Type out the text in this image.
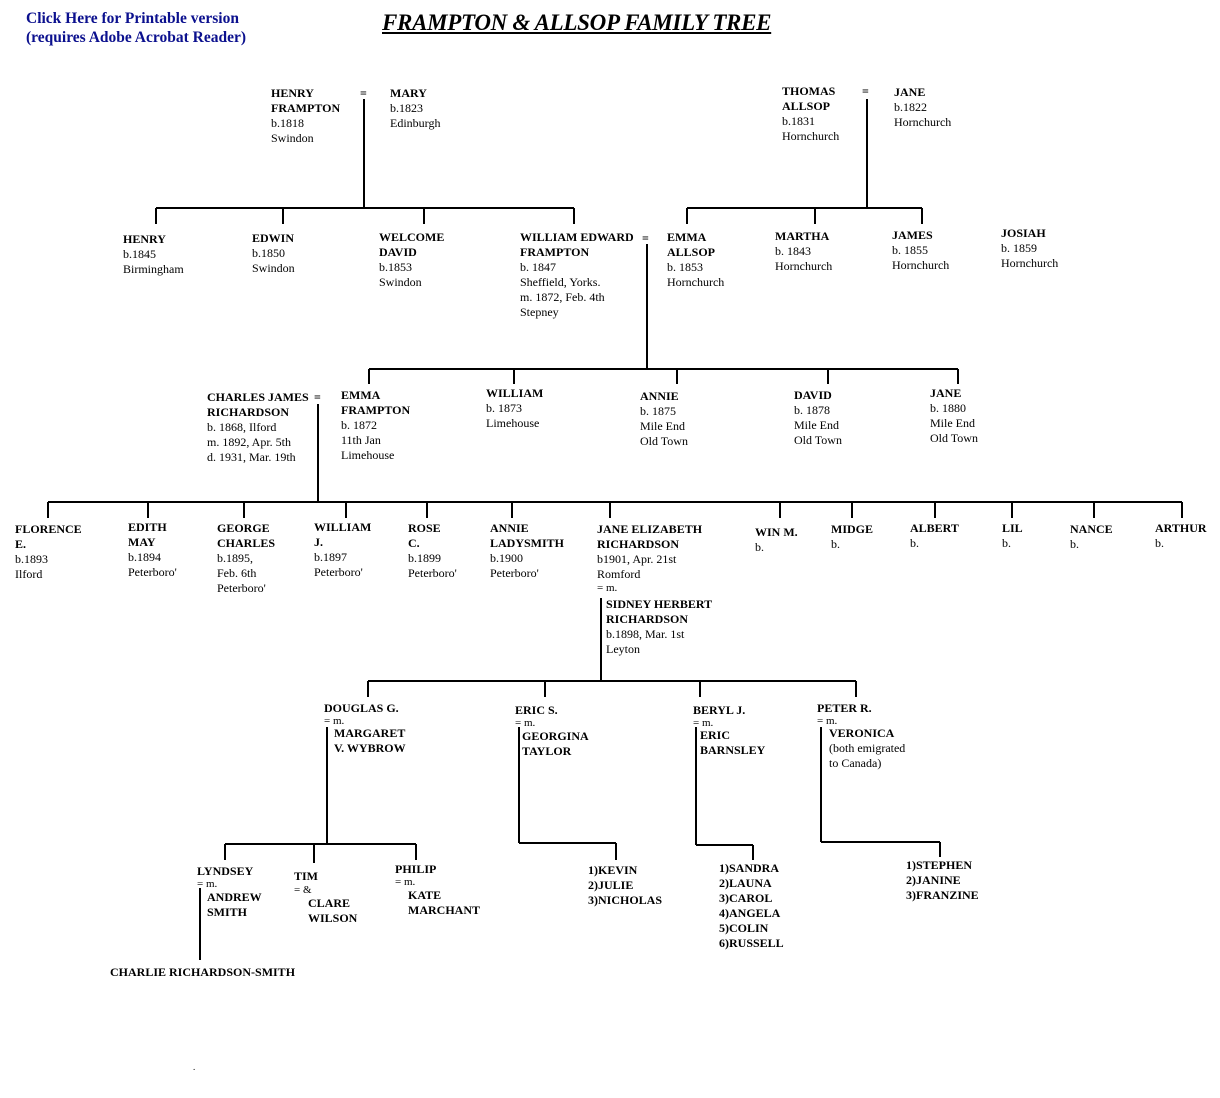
Click Here for Printable version
(requires Adobe Acrobat Reader)
FRAMPTON & ALLSOP FAMILY TREE
=	=
=
=
HENRY
FRAMPTON
b.1818
Swindon
MARY
b.1823
Edinburgh
THOMAS
ALLSOP
b.1831
Hornchurch
JANE
b.1822
Hornchurch
HENRY
b.1845
Birmingham
EDWIN
b.1850
Swindon
WELCOME
DAVID
b.1853
Swindon
WILLIAM EDWARD
FRAMPTON
b. 1847
Sheffield, Yorks.
m. 1872, Feb. 4th
Stepney
EMMA
ALLSOP
b. 1853
Hornchurch
MARTHA
b. 1843
Hornchurch
JAMES
b. 1855
Hornchurch
JOSIAH
b. 1859
Hornchurch
CHARLES JAMES
RICHARDSON
b. 1868, Ilford
m. 1892, Apr. 5th
d. 1931, Mar. 19th
EMMA
FRAMPTON
b. 1872
11th Jan
Limehouse
WILLIAM
b. 1873
Limehouse
ANNIE
b. 1875
Mile End
Old Town
DAVID
b. 1878
Mile End
Old Town
JANE
b. 1880
Mile End
Old Town
FLORENCE
E.
b.1893
Ilford
EDITH
MAY
b.1894
Peterboro'
GEORGE
CHARLES
b.1895,
Feb. 6th
Peterboro'
WILLIAM
J.
b.1897
Peterboro'
ROSE
C.
b.1899
Peterboro'
ANNIE
LADYSMITH
b.1900
Peterboro'
JANE ELIZABETH
RICHARDSON
b1901, Apr. 21st
Romford
= m.
WIN M.
b.
MIDGE
b.
ALBERT
b.
LIL
b.
NANCE
b.
ARTHUR
b.
SIDNEY HERBERT
RICHARDSON
b.1898, Mar. 1st
Leyton
DOUGLAS G.
= m.
MARGARET
V. WYBROW
ERIC S.
= m.
GEORGINA
TAYLOR
BERYL J.
= m.
ERIC
BARNSLEY
PETER R.
= m.
VERONICA
(both emigrated
to Canada)
LYNDSEY
= m.
ANDREW
SMITH
TIM
= &
CLARE
WILSON
PHILIP
= m.
KATE
MARCHANT
1)KEVIN
2)JULIE
3)NICHOLAS
1)SANDRA
2)LAUNA
3)CAROL
4)ANGELA
5)COLIN
6)RUSSELL
1)STEPHEN
2)JANINE
3)FRANZINE
CHARLIE RICHARDSON-SMITH
.
